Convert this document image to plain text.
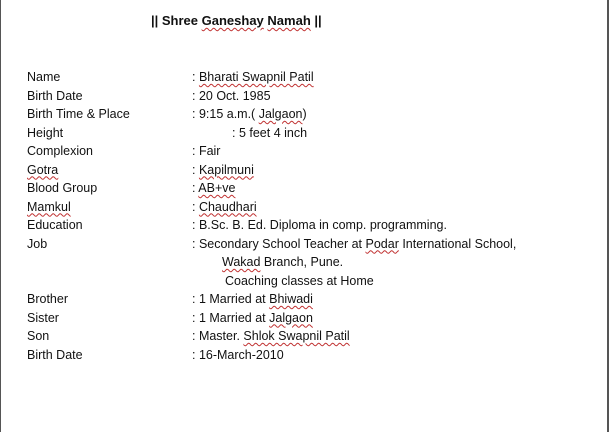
|| Shree Ganeshay Namah ||
Name	: Bharati Swapnil Patil
Birth Date	: 20 Oct. 1985
Birth Time & Place	: 9:15 a.m.( Jalgaon)
Height	: 5 feet 4 inch
Complexion	: Fair
Gotra	: Kapilmuni
Blood Group	: AB+ve
Mamkul	: Chaudhari
Education	: B.Sc. B. Ed. Diploma in comp. programming.
Job	: Secondary School Teacher at Podar International School,
Wakad Branch, Pune.
Coaching classes at Home
Brother	: 1 Married at Bhiwadi
Sister	: 1 Married at Jalgaon
Son	: Master. Shlok Swapnil Patil
Birth Date	: 16-March-2010
